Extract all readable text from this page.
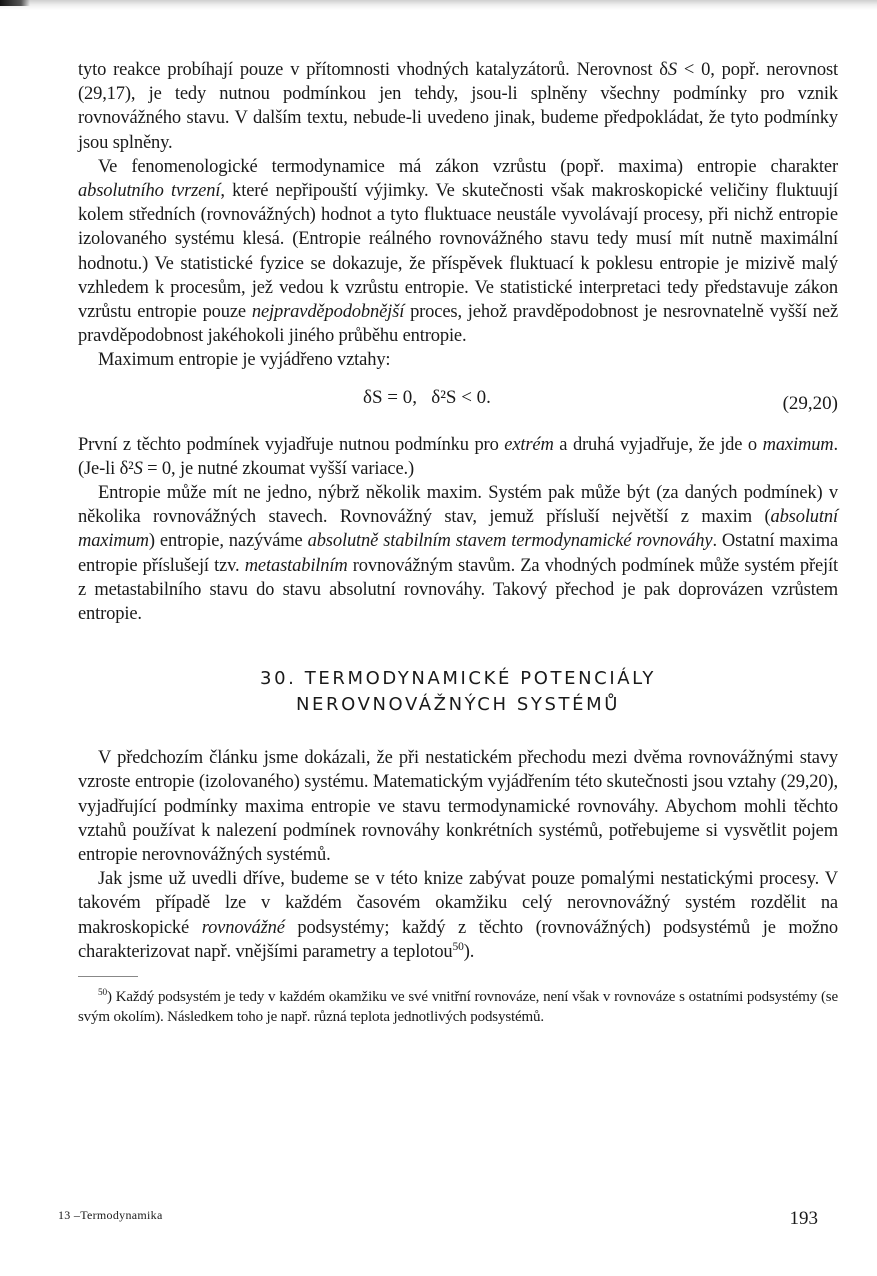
tyto reakce probíhají pouze v přítomnosti vhodných katalyzátorů. Nerovnost δS < 0, popř. nerovnost (29,17), je tedy nutnou podmínkou jen tehdy, jsou-li splněny všechny podmínky pro vznik rovnovážného stavu. V dalším textu, nebude-li uvedeno jinak, budeme předpokládat, že tyto podmínky jsou splněny.

Ve fenomenologické termodynamice má zákon vzrůstu (popř. maxima) entropie charakter absolutního tvrzení, které nepřipouští výjimky. Ve skutečnosti však makroskopické veličiny fluktuují kolem středních (rovnovážných) hodnot a tyto fluktuace neustále vyvolávají procesy, při nichž entropie izolovaného systému klesá. (Entropie reálného rovnovážného stavu tedy musí mít nutně maximální hodnotu.) Ve statistické fyzice se dokazuje, že příspěvek fluktuací k poklesu entropie je mizivě malý vzhledem k procesům, jež vedou k vzrůstu entropie. Ve statistické interpretaci tedy představuje zákon vzrůstu entropie pouze nejpravděpodobnější proces, jehož pravděpodobnost je nesrovnatelně vyšší než pravděpodobnost jakéhokoli jiného průběhu entropie.

Maximum entropie je vyjádřeno vztahy:

δS = 0,   δ²S < 0.	(29,20)

První z těchto podmínek vyjadřuje nutnou podmínku pro extrém a druhá vyjadřuje, že jde o maximum. (Je-li δ²S = 0, je nutné zkoumat vyšší variace.)

Entropie může mít ne jedno, nýbrž několik maxim. Systém pak může být (za daných podmínek) v několika rovnovážných stavech. Rovnovážný stav, jemuž přísluší největší z maxim (absolutní maximum) entropie, nazýváme absolutně stabilním stavem termodynamické rovnováhy. Ostatní maxima entropie příslušejí tzv. metastabilním rovnovážným stavům. Za vhodných podmínek může systém přejít z metastabilního stavu do stavu absolutní rovnováhy. Takový přechod je pak doprovázen vzrůstem entropie.

30. TERMODYNAMICKÉ POTENCIÁLY
NEROVNOVÁŽNÝCH SYSTÉMŮ

V předchozím článku jsme dokázali, že při nestatickém přechodu mezi dvěma rovnovážnými stavy vzroste entropie (izolovaného) systému. Matematickým vyjádřením této skutečnosti jsou vztahy (29,20), vyjadřující podmínky maxima entropie ve stavu termodynamické rovnováhy. Abychom mohli těchto vztahů používat k nalezení podmínek rovnováhy konkrétních systémů, potřebujeme si vysvětlit pojem entropie nerovnovážných systémů.

Jak jsme už uvedli dříve, budeme se v této knize zabývat pouze pomalými nestatickými procesy. V takovém případě lze v každém časovém okamžiku celý nerovnovážný systém rozdělit na makroskopické rovnovážné podsystémy; každý z těchto (rovnovážných) podsystémů je možno charakterizovat např. vnějšími parametry a teplotou$^{50}$).

$^{50}$) Každý podsystém je tedy v každém okamžiku ve své vnitřní rovnováze, není však v rovnováze s ostatními podsystémy (se svým okolím). Následkem toho je např. různá teplota jednotlivých podsystémů.

13 –Termodynamika	193
